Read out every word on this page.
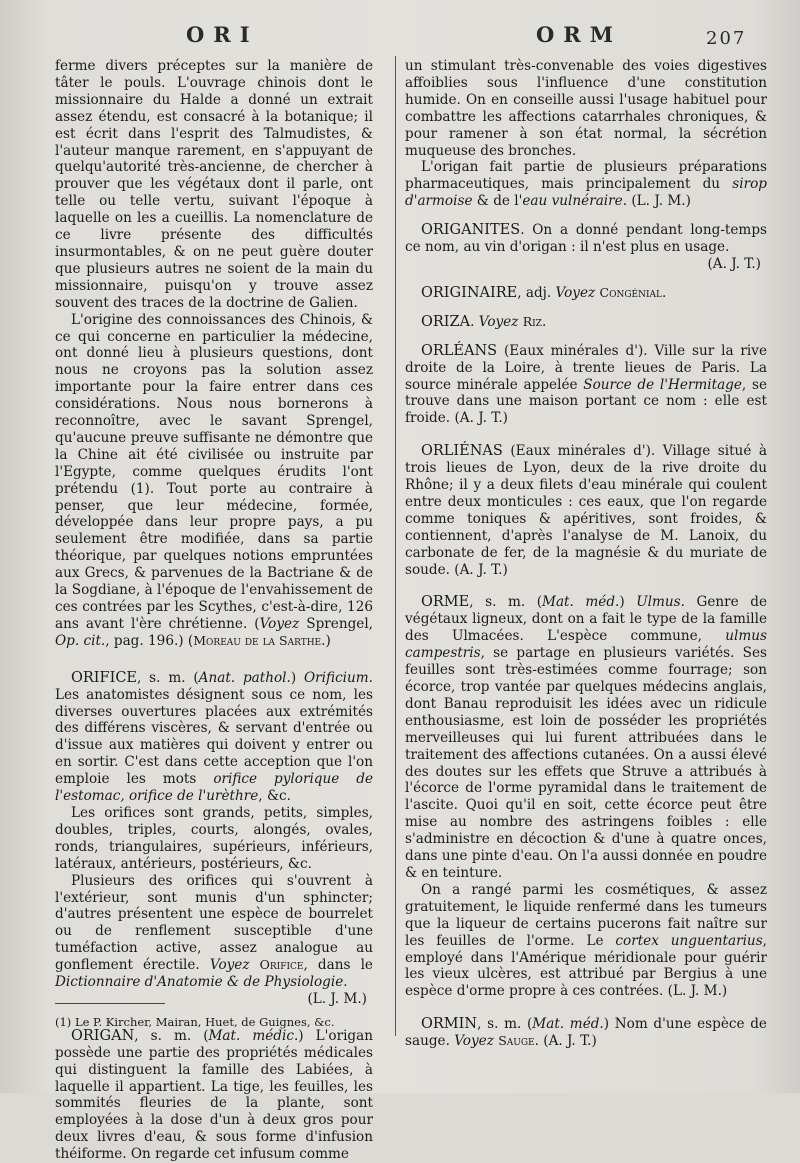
ORI	ORM	207

ferme divers préceptes sur la manière de tâter le pouls. L'ouvrage chinois dont le missionnaire du Halde a donné un extrait assez étendu, est consacré à la botanique; il est écrit dans l'esprit des Talmudistes, & l'auteur manque rarement, en s'appuyant de quelqu'autorité très-ancienne, de chercher à prouver que les végétaux dont il parle, ont telle ou telle vertu, suivant l'époque à laquelle on les a cueillis. La nomenclature de ce livre présente des difficultés insurmontables, & on ne peut guère douter que plusieurs autres ne soient de la main du missionnaire, puisqu'on y trouve assez souvent des traces de la doctrine de Galien.

L'origine des connoissances des Chinois, & ce qui concerne en particulier la médecine, ont donné lieu à plusieurs questions, dont nous ne croyons pas la solution assez importante pour la faire entrer dans ces considérations. Nous nous bornerons à reconnoître, avec le savant Sprengel, qu'aucune preuve suffisante ne démontre que la Chine ait été civilisée ou instruite par l'Egypte, comme quelques érudits l'ont prétendu (1). Tout porte au contraire à penser, que leur médecine, formée, développée dans leur propre pays, a pu seulement être modifiée, dans sa partie théorique, par quelques notions empruntées aux Grecs, & parvenues de la Bactriane & de la Sogdiane, à l'époque de l'envahissement de ces contrées par les Scythes, c'est-à-dire, 126 ans avant l'ère chrétienne. (Voyez Sprengel, Op. cit., pag. 196.) (Moreau de la Sarthe.)

ORIFICE, s. m. (Anat. pathol.) Orificium. Les anatomistes désignent sous ce nom, les diverses ouvertures placées aux extrémités des différens viscères, & servant d'entrée ou d'issue aux matières qui doivent y entrer ou en sortir. C'est dans cette acception que l'on emploie les mots orifice pylorique de l'estomac, orifice de l'urèthre, &c.

Les orifices sont grands, petits, simples, doubles, triples, courts, alongés, ovales, ronds, triangulaires, supérieurs, inférieurs, latéraux, antérieurs, postérieurs, &c.

Plusieurs des orifices qui s'ouvrent à l'extérieur, sont munis d'un sphincter; d'autres présentent une espèce de bourrelet ou de renflement susceptible d'une tuméfaction active, assez analogue au gonflement érectile. Voyez Orifice, dans le Dictionnaire d'Anatomie & de Physiologie.

(L. J. M.)

ORIGAN, s. m. (Mat. médic.) L'origan possède une partie des propriétés médicales qui distinguent la famille des Labiées, à laquelle il appartient. La tige, les feuilles, les sommités fleuries de la plante, sont employées à la dose d'un à deux gros pour deux livres d'eau, & sous forme d'infusion théiforme. On regarde cet infusum comme

un stimulant très-convenable des voies digestives affoiblies sous l'influence d'une constitution humide. On en conseille aussi l'usage habituel pour combattre les affections catarrhales chroniques, & pour ramener à son état normal, la sécrétion muqueuse des bronches.

L'origan fait partie de plusieurs préparations pharmaceutiques, mais principalement du sirop d'armoise & de l'eau vulnéraire. (L. J. M.)

ORIGANITES. On a donné pendant long-temps ce nom, au vin d'origan : il n'est plus en usage.

(A. J. T.)

ORIGINAIRE, adj. Voyez Congénial.

ORIZA. Voyez Riz.

ORLÉANS (Eaux minérales d'). Ville sur la rive droite de la Loire, à trente lieues de Paris. La source minérale appelée Source de l'Hermitage, se trouve dans une maison portant ce nom : elle est froide. (A. J. T.)

ORLIÉNAS (Eaux minérales d'). Village situé à trois lieues de Lyon, deux de la rive droite du Rhône; il y a deux filets d'eau minérale qui coulent entre deux monticules : ces eaux, que l'on regarde comme toniques & apéritives, sont froides, & contiennent, d'après l'analyse de M. Lanoix, du carbonate de fer, de la magnésie & du muriate de soude. (A. J. T.)

ORME, s. m. (Mat. méd.) Ulmus. Genre de végétaux ligneux, dont on a fait le type de la famille des Ulmacées. L'espèce commune, ulmus campestris, se partage en plusieurs variétés. Ses feuilles sont très-estimées comme fourrage; son écorce, trop vantée par quelques médecins anglais, dont Banau reproduisit les idées avec un ridicule enthousiasme, est loin de posséder les propriétés merveilleuses qui lui furent attribuées dans le traitement des affections cutanées. On a aussi élevé des doutes sur les effets que Struve a attribués à l'écorce de l'orme pyramidal dans le traitement de l'ascite. Quoi qu'il en soit, cette écorce peut être mise au nombre des astringens foibles : elle s'administre en décoction & d'une à quatre onces, dans une pinte d'eau. On l'a aussi donnée en poudre & en teinture.

On a rangé parmi les cosmétiques, & assez gratuitement, le liquide renfermé dans les tumeurs que la liqueur de certains pucerons fait naître sur les feuilles de l'orme. Le cortex unguentarius, employé dans l'Amérique méridionale pour guérir les vieux ulcères, est attribué par Bergius à une espèce d'orme propre à ces contrées. (L. J. M.)

ORMIN, s. m. (Mat. méd.) Nom d'une espèce de sauge. Voyez Sauge. (A. J. T.)

(1) Le P. Kircher, Mairan, Huet, de Guignes, &c.
